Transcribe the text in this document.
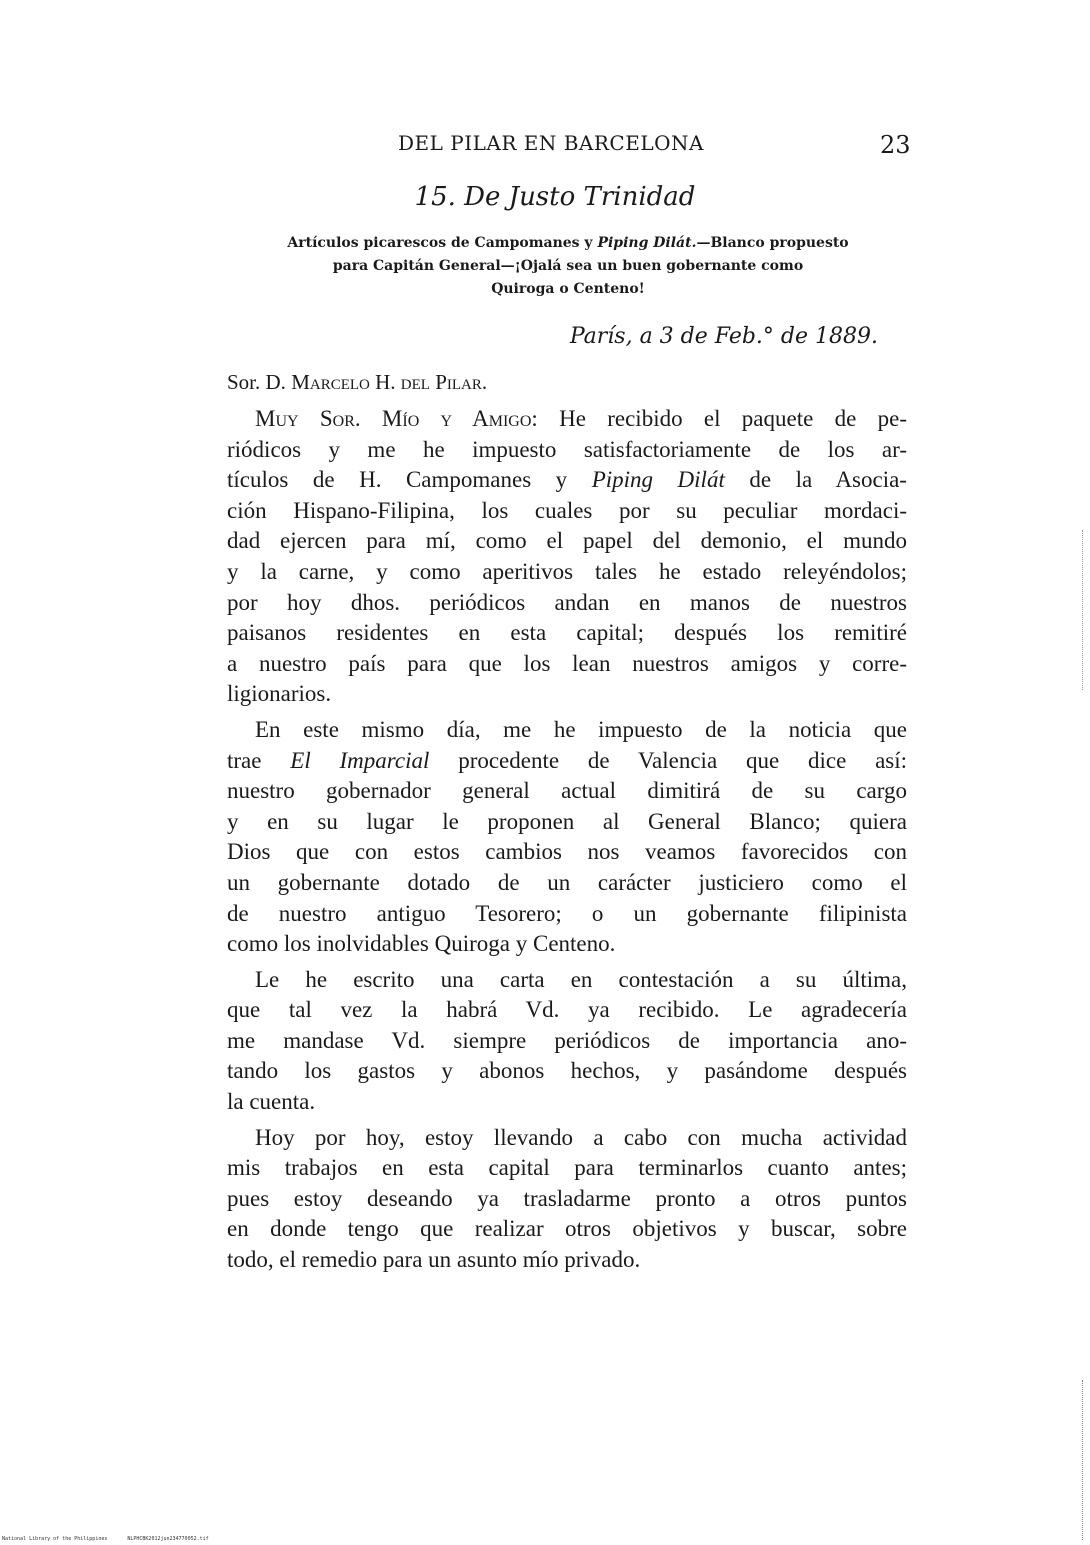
DEL PILAR EN BARCELONA	23
15. De Justo Trinidad
Artículos picarescos de Campomanes y Piping Dilát.—Blanco propuesto
para Capitán General—¡Ojalá sea un buen gobernante como
Quiroga o Centeno!
París, a 3 de Feb.° de 1889.
Sor. D. Marcelo H. del Pilar.

Muy Sor. Mío y Amigo: He recibido el paquete de pe-
riódicos y me he impuesto satisfactoriamente de los ar-
tículos de H. Campomanes y Piping Dilát de la Asocia-
ción Hispano-Filipina, los cuales por su peculiar mordaci-
dad ejercen para mí, como el papel del demonio, el mundo
y la carne, y como aperitivos tales he estado releyéndolos;
por hoy dhos. periódicos andan en manos de nuestros
paisanos residentes en esta capital; después los remitiré
a nuestro país para que los lean nuestros amigos y corre-
ligionarios.

En este mismo día, me he impuesto de la noticia que
trae El Imparcial procedente de Valencia que dice así:
nuestro gobernador general actual dimitirá de su cargo
y en su lugar le proponen al General Blanco; quiera
Dios que con estos cambios nos veamos favorecidos con
un gobernante dotado de un carácter justiciero como el
de nuestro antiguo Tesorero; o un gobernante filipinista
como los inolvidables Quiroga y Centeno.

Le he escrito una carta en contestación a su última,
que tal vez la habrá Vd. ya recibido. Le agradecería
me mandase Vd. siempre periódicos de importancia ano-
tando los gastos y abonos hechos, y pasándome después
la cuenta.

Hoy por hoy, estoy llevando a cabo con mucha actividad
mis trabajos en esta capital para terminarlos cuanto antes;
pues estoy deseando ya trasladarme pronto a otros puntos
en donde tengo que realizar otros objetivos y buscar, sobre
todo, el remedio para un asunto mío privado.

National Library of the Philippines	NLPHCBK2012jun234770052.tif
